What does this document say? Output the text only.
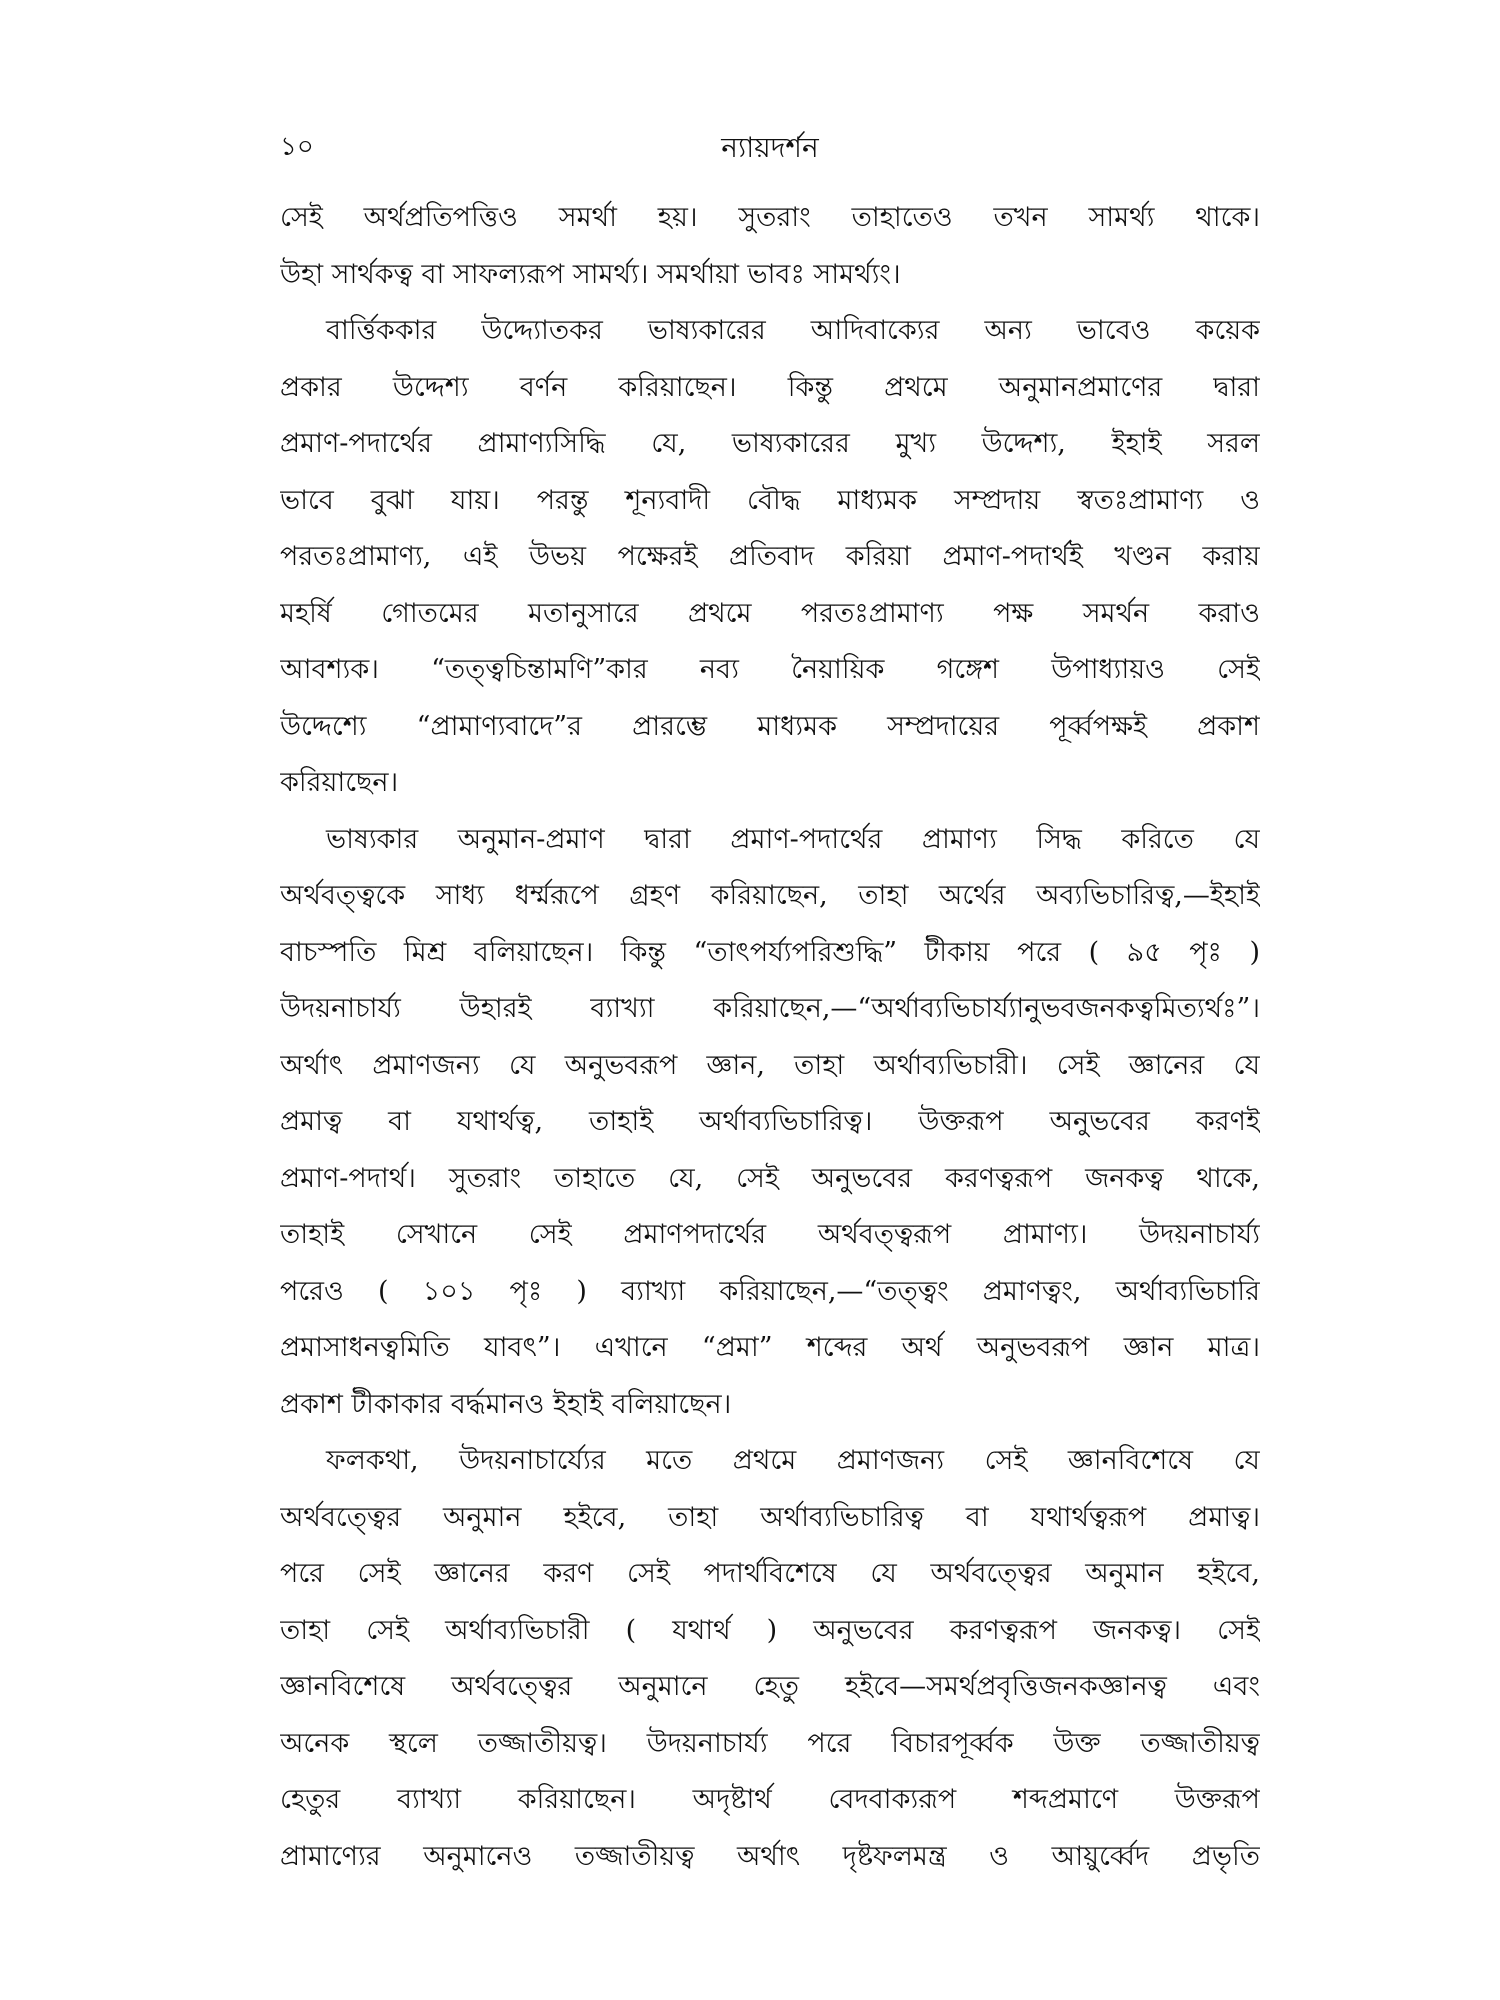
১০	ন্যায়দর্শন
সেই অর্থপ্রতিপত্তিও সমর্থা হয়। সুতরাং তাহাতেও তখন সামর্থ্য থাকে।
উহা সার্থকত্ব বা সাফল্যরূপ সামর্থ্য। সমর্থায়া ভাবঃ সামর্থ্যং।
বার্ত্তিককার উদ্দ্যোতকর ভাষ্যকারের আদিবাক্যের অন্য ভাবেও কয়েক
প্রকার উদ্দেশ্য বর্ণন করিয়াছেন। কিন্তু প্রথমে অনুমানপ্রমাণের দ্বারা
প্রমাণ-পদার্থের প্রামাণ্যসিদ্ধি যে, ভাষ্যকারের মুখ্য উদ্দেশ্য, ইহাই সরল
ভাবে বুঝা যায়। পরন্তু শূন্যবাদী বৌদ্ধ মাধ্যমক সম্প্রদায় স্বতঃপ্রামাণ্য ও
পরতঃপ্রামাণ্য, এই উভয় পক্ষেরই প্রতিবাদ করিয়া প্রমাণ-পদার্থই খণ্ডন করায়
মহর্ষি গোতমের মতানুসারে প্রথমে পরতঃপ্রামাণ্য পক্ষ সমর্থন করাও
আবশ্যক। “তত্ত্বচিন্তামণি”কার নব্য নৈয়ায়িক গঙ্গেশ উপাধ্যায়ও সেই
উদ্দেশ্যে “প্রামাণ্যবাদে”র প্রারম্ভে মাধ্যমক সম্প্রদায়ের পূর্ব্বপক্ষই প্রকাশ
করিয়াছেন।
ভাষ্যকার অনুমান-প্রমাণ দ্বারা প্রমাণ-পদার্থের প্রামাণ্য সিদ্ধ করিতে যে
অর্থবত্ত্বকে সাধ্য ধর্ম্মরূপে গ্রহণ করিয়াছেন, তাহা অর্থের অব্যভিচারিত্ব,—ইহাই
বাচস্পতি মিশ্র বলিয়াছেন। কিন্তু “তাৎপর্য্যপরিশুদ্ধি” টীকায় পরে ( ৯৫ পৃঃ )
উদয়নাচার্য্য উহারই ব্যাখ্যা করিয়াছেন,—“অর্থাব্যভিচার্য্যানুভবজনকত্বমিত্যর্থঃ”।
অর্থাৎ প্রমাণজন্য যে অনুভবরূপ জ্ঞান, তাহা অর্থাব্যভিচারী। সেই জ্ঞানের যে
প্রমাত্ব বা যথার্থত্ব, তাহাই অর্থাব্যভিচারিত্ব। উক্তরূপ অনুভবের করণই
প্রমাণ-পদার্থ। সুতরাং তাহাতে যে, সেই অনুভবের করণত্বরূপ জনকত্ব থাকে,
তাহাই সেখানে সেই প্রমাণপদার্থের অর্থবত্ত্বরূপ প্রামাণ্য। উদয়নাচার্য্য
পরেও ( ১০১ পৃঃ ) ব্যাখ্যা করিয়াছেন,—“তত্ত্বং প্রমাণত্বং, অর্থাব্যভিচারি
প্রমাসাধনত্বমিতি যাবৎ”। এখানে “প্রমা” শব্দের অর্থ অনুভবরূপ জ্ঞান মাত্র।
প্রকাশ টীকাকার বর্দ্ধমানও ইহাই বলিয়াছেন।
ফলকথা, উদয়নাচার্য্যের মতে প্রথমে প্রমাণজন্য সেই জ্ঞানবিশেষে যে
অর্থবত্ত্বের অনুমান হইবে, তাহা অর্থাব্যভিচারিত্ব বা যথার্থত্বরূপ প্রমাত্ব।
পরে সেই জ্ঞানের করণ সেই পদার্থবিশেষে যে অর্থবত্ত্বের অনুমান হইবে,
তাহা সেই অর্থাব্যভিচারী ( যথার্থ ) অনুভবের করণত্বরূপ জনকত্ব। সেই
জ্ঞানবিশেষে অর্থবত্ত্বের অনুমানে হেতু হইবে—সমর্থপ্রবৃত্তিজনকজ্ঞানত্ব এবং
অনেক স্থলে তজ্জাতীয়ত্ব। উদয়নাচার্য্য পরে বিচারপূর্ব্বক উক্ত তজ্জাতীয়ত্ব
হেতুর ব্যাখ্যা করিয়াছেন। অদৃষ্টার্থ বেদবাক্যরূপ শব্দপ্রমাণে উক্তরূপ
প্রামাণ্যের অনুমানেও তজ্জাতীয়ত্ব অর্থাৎ দৃষ্টফলমন্ত্র ও আয়ুর্ব্বেদ প্রভৃতি
